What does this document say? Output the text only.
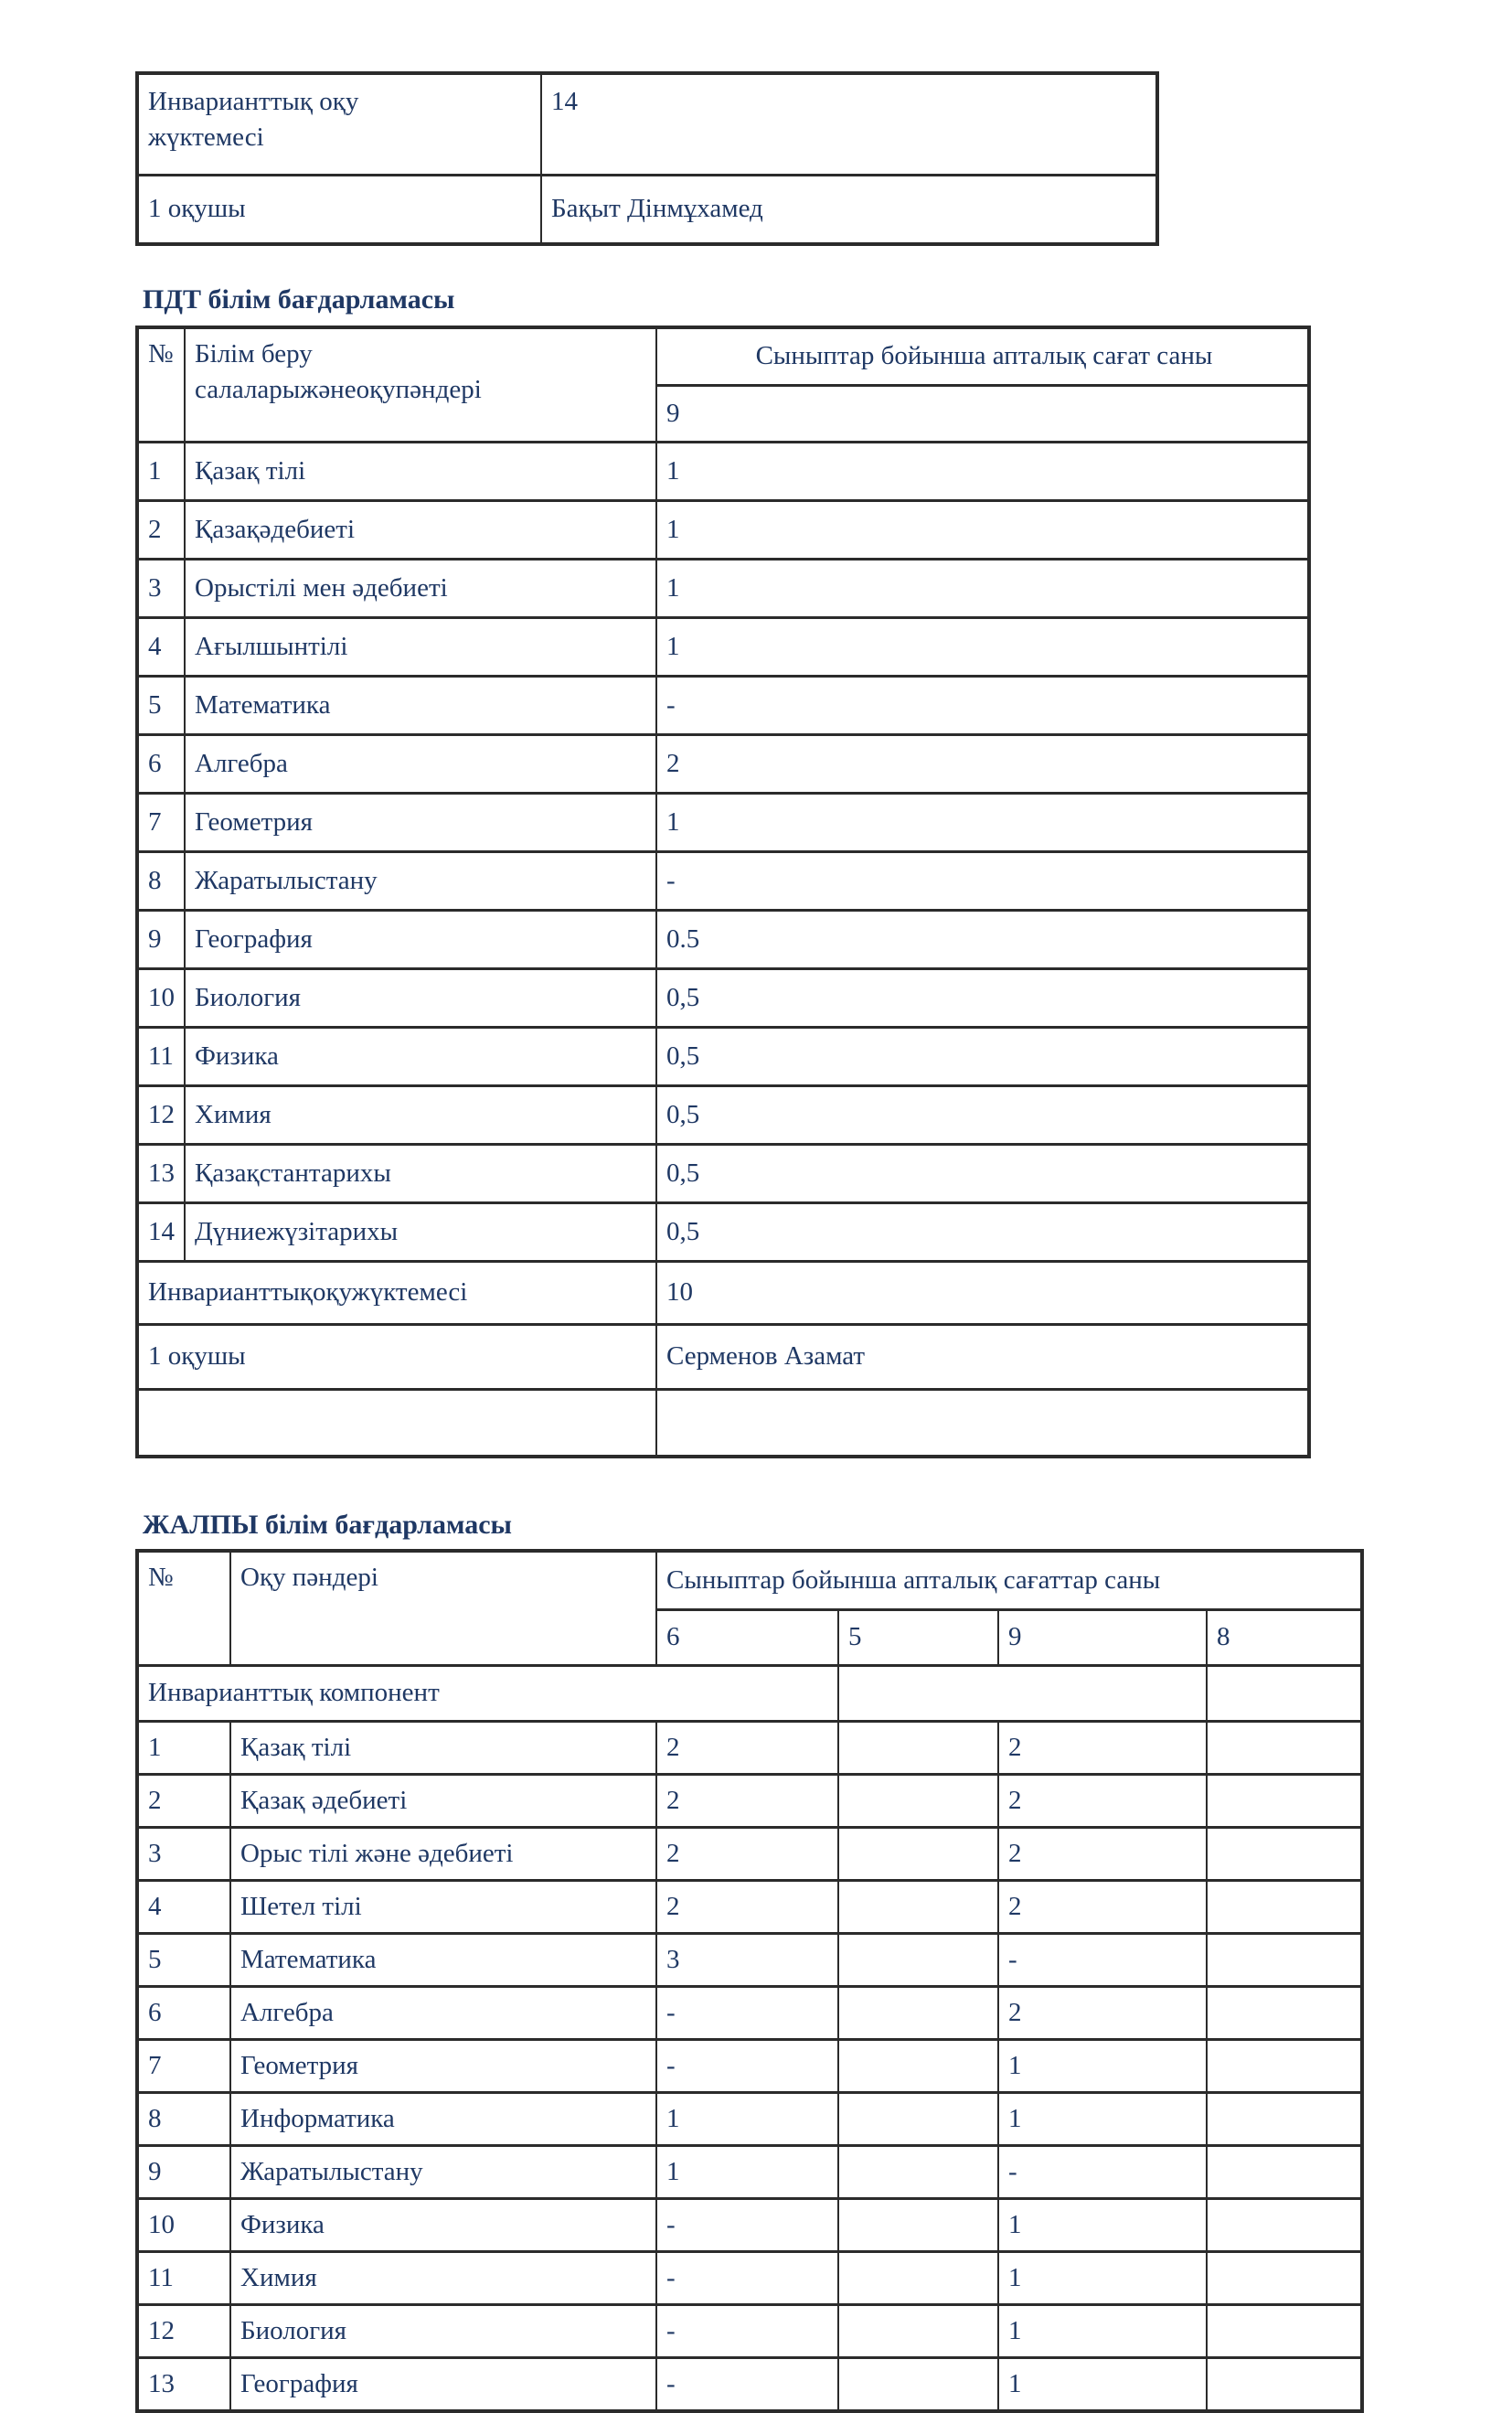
Инварианттық оқу жүктемесі	14
1 оқушы	Бақыт Дінмұхамед
ПДТ білім бағдарламасы
№	Білім беру салаларыжәнеоқупәндері	Сыныптар бойынша апталық сағат саны
		9
1	Қазақ тілі	1
2	Қазақәдебиеті	1
3	Орыстілі мен әдебиеті	1
4	Ағылшынтілі	1
5	Математика	-
6	Алгебра	2
7	Геометрия	1
8	Жаратылыстану	-
9	География	0.5
10	Биология	0,5
11	Физика	0,5
12	Химия	0,5
13	Қазақстантарихы	0,5
14	Дүниежүзітарихы	0,5
Инварианттықоқужүктемесі		10
1 оқушы		Серменов Азамат

ЖАЛПЫ білім бағдарламасы
№	Оқу пәндері	Сыныптар бойынша апталық сағаттар саны			
		6	5	9	8
Инварианттық компонент					
1	Қазақ тілі	2		2	
2	Қазақ әдебиеті	2		2	
3	Орыс тілі және әдебиеті	2		2	
4	Шетел тілі	2		2	
5	Математика	3		-	
6	Алгебра	-		2	
7	Геометрия	-		1	
8	Информатика	1		1	
9	Жаратылыстану	1		-	
10	Физика	-		1	
11	Химия	-		1	
12	Биология	-		1	
13	География	-		1	
